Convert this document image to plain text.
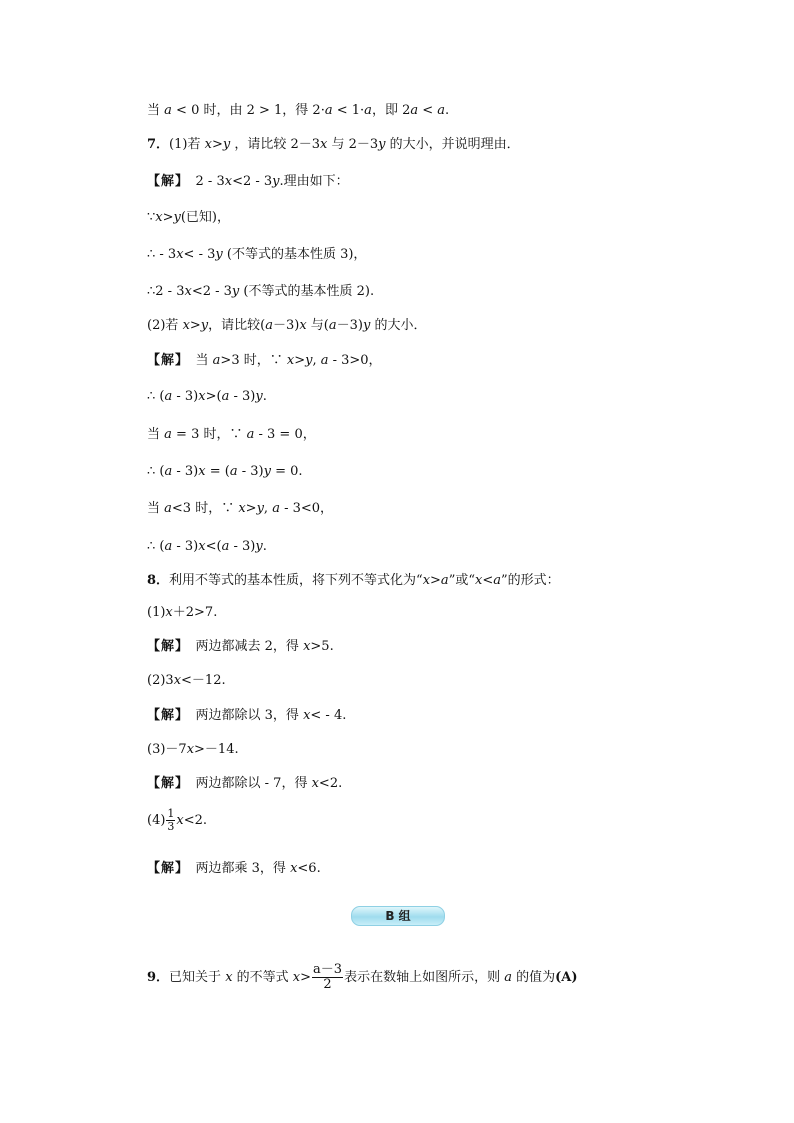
当 a < 0 时，由 2 > 1，得 2·a < 1·a，即 2a < a.
7．(1)若 x>y ，请比较 2－3x 与 2－3y 的大小，并说明理由．
【解】　2 - 3x<2 - 3y.理由如下：
∵x>y(已知)，
∴ - 3x< - 3y (不等式的基本性质 3)，
∴2 - 3x<2 - 3y (不等式的基本性质 2).
(2)若 x>y，请比较(a－3)x 与(a－3)y 的大小．
【解】　当 a>3 时，∵ x>y, a - 3>0，
∴ (a - 3)x>(a - 3)y.
当 a = 3 时，∵ a - 3 = 0，
∴ (a - 3)x = (a - 3)y = 0.
当 a<3 时，∵ x>y, a - 3<0，
∴ (a - 3)x<(a - 3)y.
8．利用不等式的基本性质，将下列不等式化为“x>a”或“x<a”的形式：
(1)x＋2>7.
【解】　两边都减去 2，得 x>5.
(2)3x<－12.
【解】　两边都除以 3，得 x< - 4.
(3)－7x>－14.
【解】　两边都除以 - 7，得 x<2.
$(4) \frac{1}{3} x<2$.
【解】　两边都乘 3，得 x<6.
B 组
9．已知关于 x 的不等式 $x> \frac{a-3}{2}$ 表示在数轴上如图所示，则 a 的值为(A)
